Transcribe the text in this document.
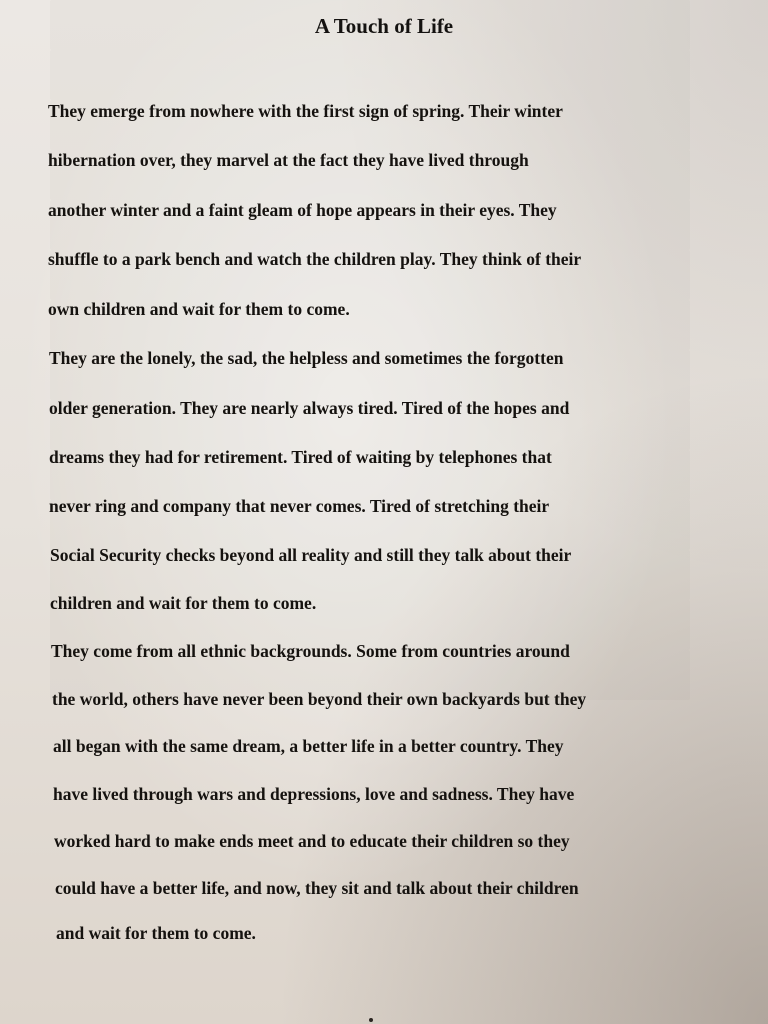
A Touch of Life
They emerge from nowhere with the first sign of spring. Their winter
hibernation over, they marvel at the fact they have lived through
another winter and a faint gleam of hope appears in their eyes. They
shuffle to a park bench and watch the children play. They think of their
own children and wait for them to come.
They are the lonely, the sad, the helpless and sometimes the forgotten
older generation. They are nearly always tired. Tired of the hopes and
dreams they had for retirement. Tired of waiting by telephones that
never ring and company that never comes. Tired of stretching their
Social Security checks beyond all reality and still they talk about their
children and wait for them to come.
They come from all ethnic backgrounds. Some from countries around
the world, others have never been beyond their own backyards but they
all began with the same dream, a better life in a better country. They
have lived through wars and depressions, love and sadness. They have
worked hard to make ends meet and to educate their children so they
could have a better life, and now, they sit and talk about their children
and wait for them to come.
